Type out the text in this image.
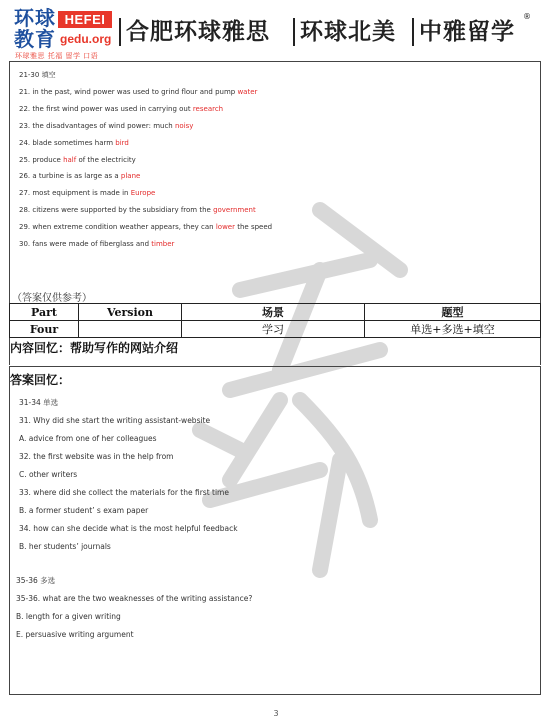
环球
教育
HEFEI
gedu.org
环球雅思 托福 留学 口语
合肥环球雅思 环球北美 中雅留学
®
21-30 填空
21. in the past, wind power was used to grind flour and pump water
22. the first wind power was used in carrying out research
23. the disadvantages of wind power: much noisy
24. blade sometimes harm bird
25. produce half of the electricity
26. a turbine is as large as a plane
27. most equipment is made in Europe
28. citizens were supported by the subsidiary from the government
29. when extreme condition weather appears, they can lower the speed
30. fans were made of fiberglass and timber
（答案仅供参考）
Part	Version	场景	题型
Four		学习	单选+多选+填空
内容回忆：帮助写作的网站介绍
答案回忆：
31-34 单选
31. Why did she start the writing assistant-website
A. advice from one of her colleagues
32. the first website was in the help from
C. other writers
33. where did she collect the materials for the first time
B. a former student’ s exam paper
34. how can she decide what is the most helpful feedback
B. her students’ journals
35-36 多选
35-36. what are the two weaknesses of the writing assistance?
B. length for a given writing
E. persuasive writing argument
3
